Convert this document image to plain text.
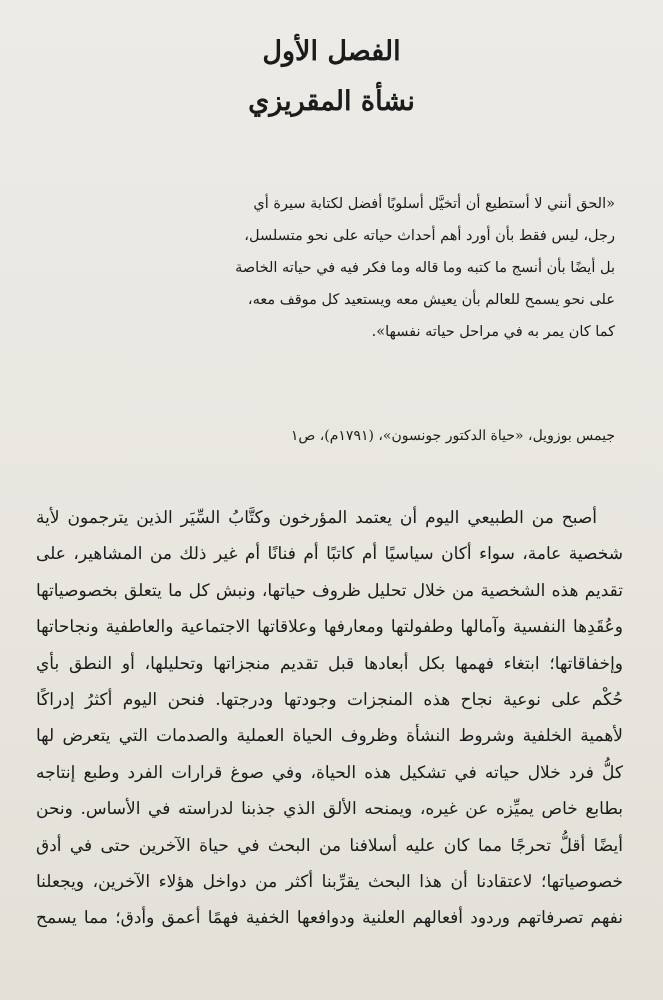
الفصل الأول
نشأة المقريزي
«الحق أنني لا أستطيع أن أتخيَّل أسلوبًا أفضل لكتابة سيرة أي
رجل، ليس فقط بأن أورد أهم أحداث حياته على نحو متسلسل،
بل أيضًا بأن أنسج ما كتبه وما قاله وما فكر فيه في حياته الخاصة
على نحو يسمح للعالم بأن يعيش معه ويستعيد كل موقف معه،
كما كان يمر به في مراحل حياته نفسها».
جيمس بوزويل، «حياة الدكتور جونسون»، (١٧٩١م)، ص١
أصبح من الطبيعي اليوم أن يعتمد المؤرخون وكتَّابُ السِّيَر الذين يترجمون لأية
شخصية عامة، سواء أكان سياسيًا أم كاتبًا أم فنانًا أم غير ذلك من المشاهير، على
تقديم هذه الشخصية من خلال تحليل ظروف حياتها، ونبش كل ما يتعلق بخصوصياتها
وعُقَدِها النفسية وآمالها وطفولتها ومعارفها وعلاقاتها الاجتماعية والعاطفية ونجاحاتها
وإخفاقاتها؛ ابتغاء فهمها بكل أبعادها قبل تقديم منجزاتها وتحليلها، أو النطق بأي
حُكْم على نوعية نجاح هذه المنجزات وجودتها ودرجتها. فنحن اليوم أكثرُ إدراكًا
لأهمية الخلفية وشروط النشأة وظروف الحياة العملية والصدمات التي يتعرض لها
كلُّ فرد خلال حياته في تشكيل هذه الحياة، وفي صوغ قرارات الفرد وطبع إنتاجه
بطابع خاص يميِّزه عن غيره، ويمنحه الألق الذي جذبنا لدراسته في الأساس. ونحن
أيضًا أقلُّ تحرجًا مما كان عليه أسلافنا من البحث في حياة الآخرين حتى في أدق
خصوصياتها؛ لاعتقادنا أن هذا البحث يقرِّبنا أكثر من دواخل هؤلاء الآخرين، ويجعلنا
نفهم تصرفاتهم وردود أفعالهم العلنية ودوافعها الخفية فهمًا أعمق وأدق؛ مما يسمح
